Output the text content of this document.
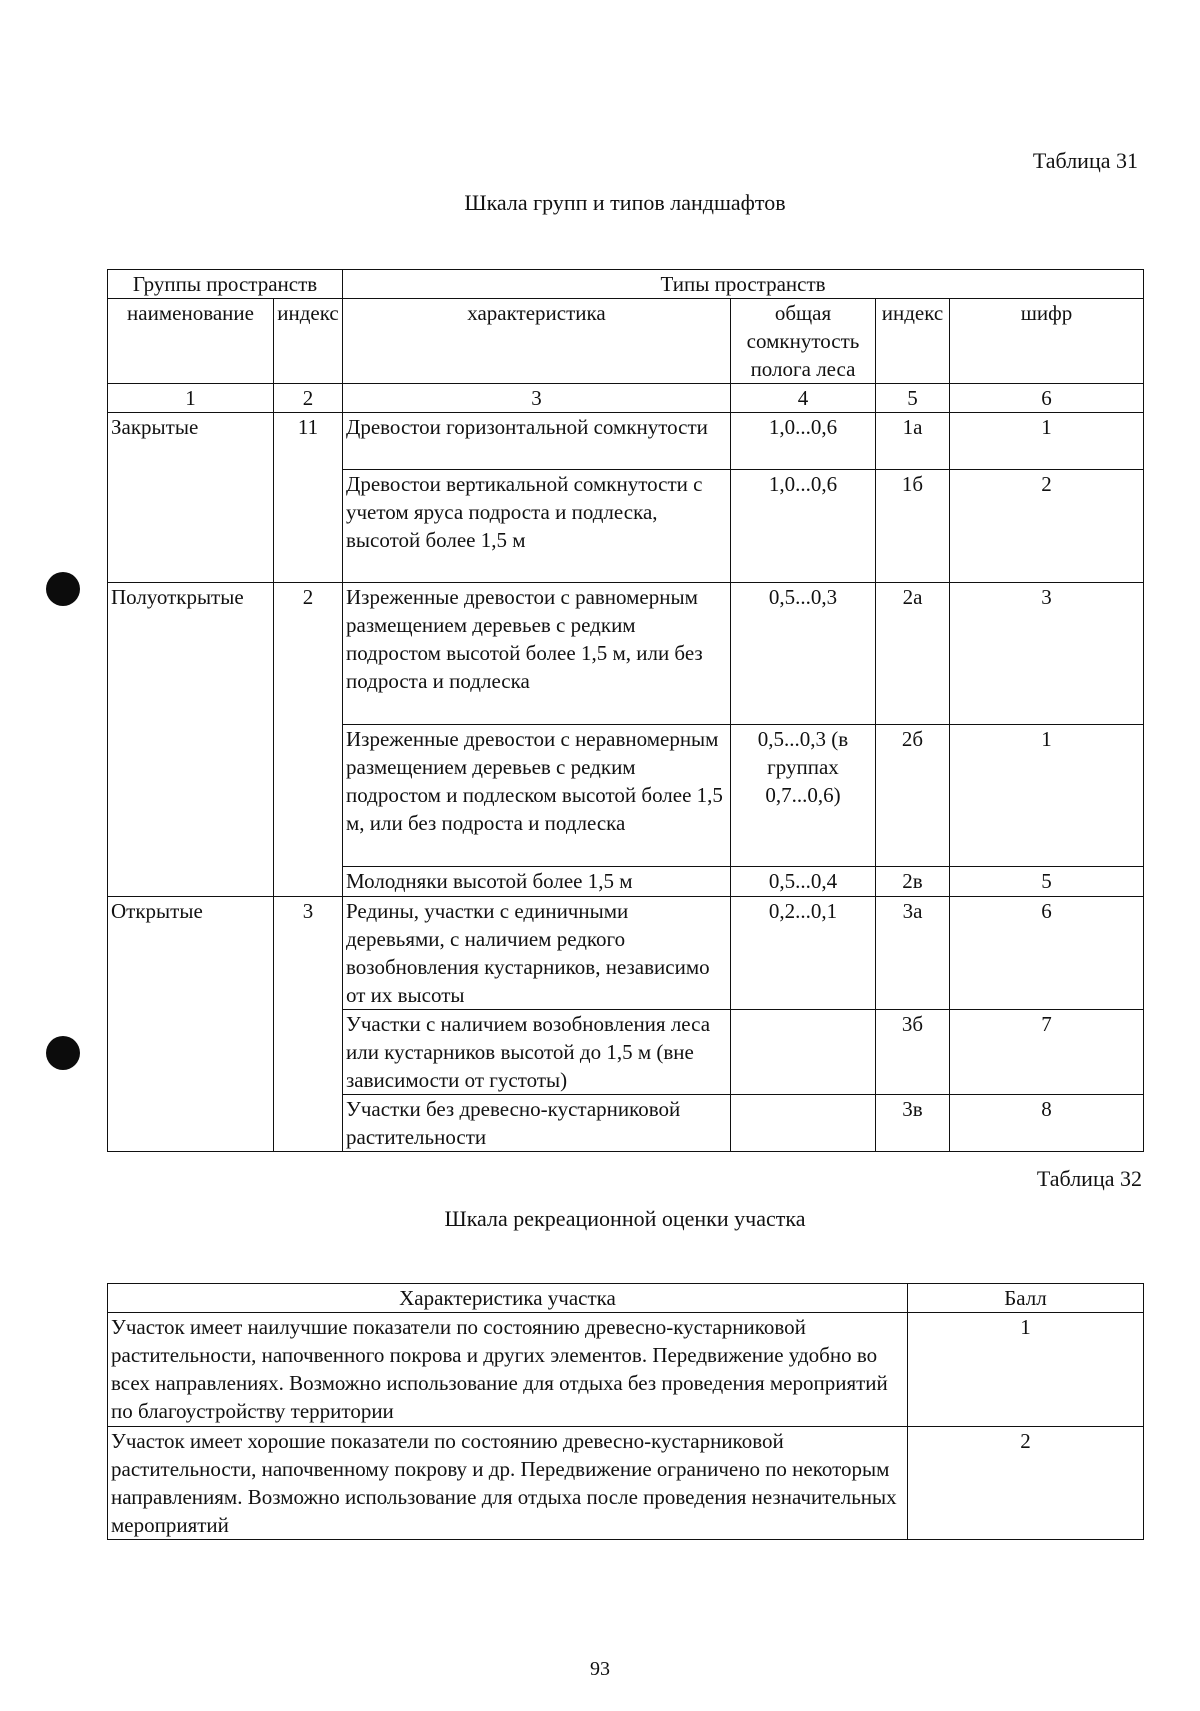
Таблица 31
Шкала групп и типов ландшафтов
Группы пространств		Типы пространств			
наименование	индекс	характеристика	общая сомкнутость полога леса	индекс	шифр
1	2	3	4	5	6
Закрытые	11	Древостои горизонтальной сомкнутости	1,0...0,6	1а	1
		Древостои вертикальной сомкнутости с учетом яруса подроста и подлеска, высотой более 1,5 м	1,0...0,6	1б	2
Полуоткрытые	2	Изреженные древостои с равномерным размещением деревьев с редким подростом высотой более 1,5 м, или без подроста и подлеска	0,5...0,3	2а	3
		Изреженные древостои с неравномерным размещением деревьев с редким подростом и подлеском высотой более 1,5 м, или без подроста и подлеска	0,5...0,3 (в группах 0,7...0,6)	2б	1
		Молодняки высотой более 1,5 м	0,5...0,4	2в	5
Открытые	3	Редины, участки с единичными деревьями, с наличием редкого возобновления кустарников, независимо от их высоты	0,2...0,1	3а	6
		Участки с наличием возобновления леса или кустарников высотой до 1,5 м (вне зависимости от густоты)		3б	7
		Участки без древесно-кустарниковой растительности		3в	8
Таблица 32
Шкала рекреационной оценки участка
Характеристика участка	Балл
Участок имеет наилучшие показатели по состоянию древесно-кустарниковой растительности, напочвенного покрова и других элементов. Передвижение удобно во всех направлениях. Возможно использование для отдыха без проведения мероприятий по благоустройству территории	1
Участок имеет хорошие показатели по состоянию древесно-кустарниковой растительности, напочвенному покрову и др. Передвижение ограничено по некоторым направлениям. Возможно использование для отдыха после проведения незначительных мероприятий	2
93
